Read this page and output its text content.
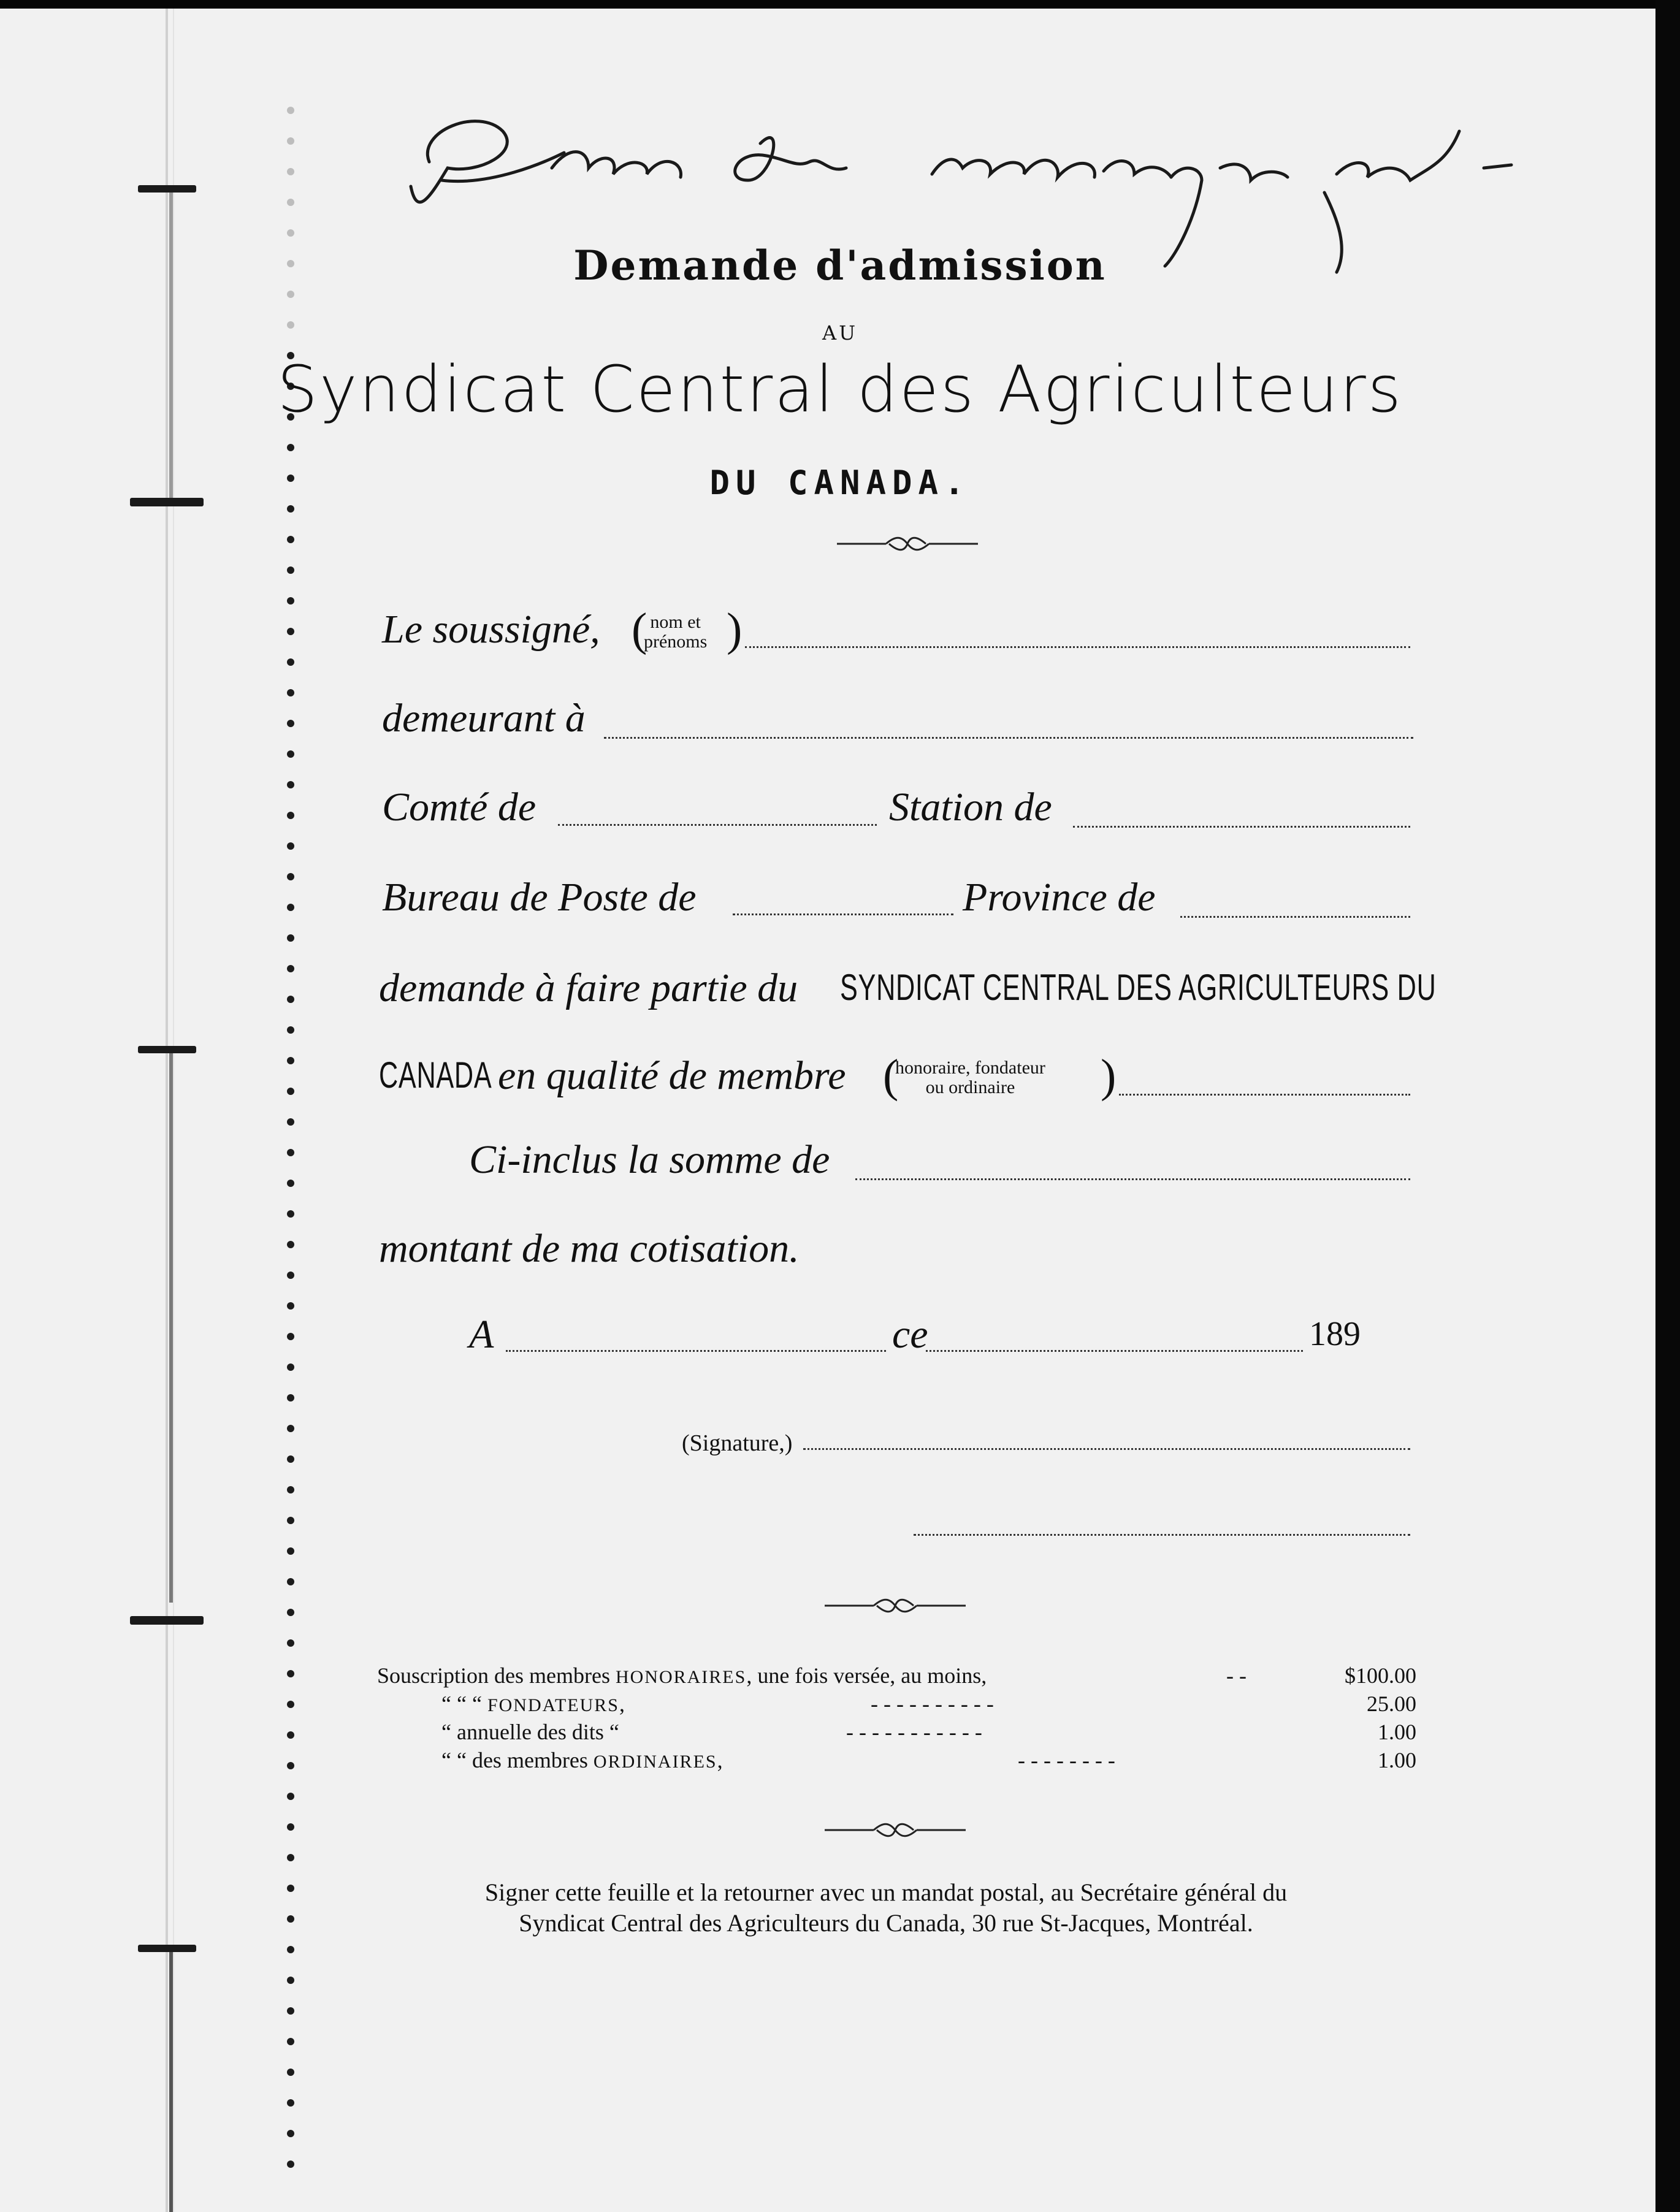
Prière de renvoyer signé
Demande d'admission
AU
Syndicat Central des Agriculteurs
DU CANADA.
Le soussigné, ( nom et
prénoms )
demeurant à
Comté de	Station de
Bureau de Poste de	Province de
demande à faire partie du SYNDICAT CENTRAL DES AGRICULTEURS DU
CANADA en qualité de membre (
honoraire, fondateur
ou ordinaire	)
Ci-inclus la somme de
montant de ma cotisation.
A	ce	189
(Signature,)
Souscription des membres HONORAIRES, une fois versée, au moins,	- -	$100.00
“ “ “ FONDATEURS,	- - - - - - - - - -	25.00
“ annuelle des dits “	- - - - - - - - - - -	1.00
“ “ des membres ORDINAIRES,	- - - - - - - -	1.00
Signer cette feuille et la retourner avec un mandat postal, au Secrétaire général du
Syndicat Central des Agriculteurs du Canada, 30 rue St-Jacques, Montréal.
